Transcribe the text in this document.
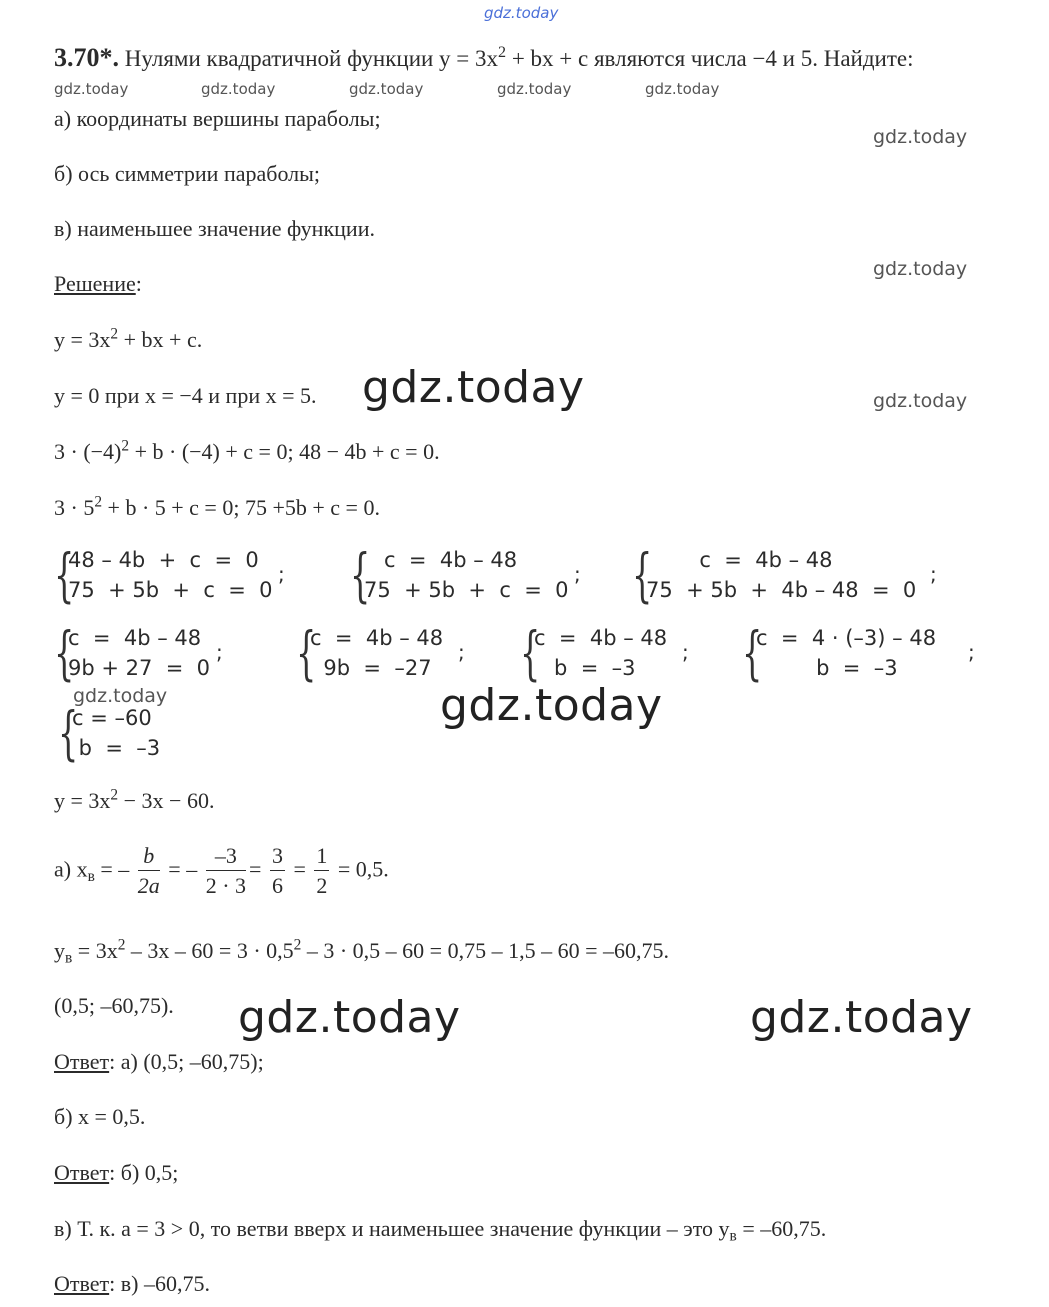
gdz.today
3.70*. Нулями квадратичной функции $y = 3x^2$ + bx + c являются числа −4 и 5. Найдите:
gdz.today	gdz.today	gdz.today	gdz.today	gdz.today
а) координаты вершины параболы;
gdz.today
б) ось симметрии параболы;
в) наименьшее значение функции.
gdz.today
Решение:
$y = 3x^2$ + bx + c.
y = 0 при x = −4 и при x = 5. gdz.today	gdz.today
$3 \cdot (-4)^2 + b \cdot (-4) + c = 0$; 48 − 4b + c = 0.
$3 \cdot 5^2 + b \cdot 5 + c = 0$; 75 +5b + c = 0.
{
48 – 4b  +  c  =  0
75  + 5b  +  c  =  0
; {
c  =  4b – 48
75  + 5b  +  c  =  0
; {
c  =  4b – 48
75  + 5b  +  4b – 48  =  0
;
{
c  =  4b – 48
9b + 27  =  0
; {
c  =  4b – 48
9b  =  –27
; {
c  =  4b – 48
b  =  –3
; {
c  =  4 · (–3) – 48
b  =  –3
;
gdz.today	gdz.today
{
c = –60
b  =  –3
$y = 3x^2 - 3x - 60$.
а) $x_в$ = – $\frac{b}{2a}$ = – $\frac{-3}{2 \cdot 3} = \frac{3}{6} = \frac{1}{2} = 0,5$.
$y_в = 3x^2 - 3x - 60 = 3 \cdot 0,5^2 - 3 \cdot 0,5 - 60 = 0,75 - 1,5 - 60 = -60,75$.
(0,5; –60,75). gdz.today	gdz.today
Ответ: а) (0,5; –60,75);
б) x = 0,5.
Ответ: б) 0,5;
в) Т. к. a = 3 > 0, то ветви вверх и наименьшее значение функции – это $y_в = -60,75$.
Ответ: в) –60,75.
